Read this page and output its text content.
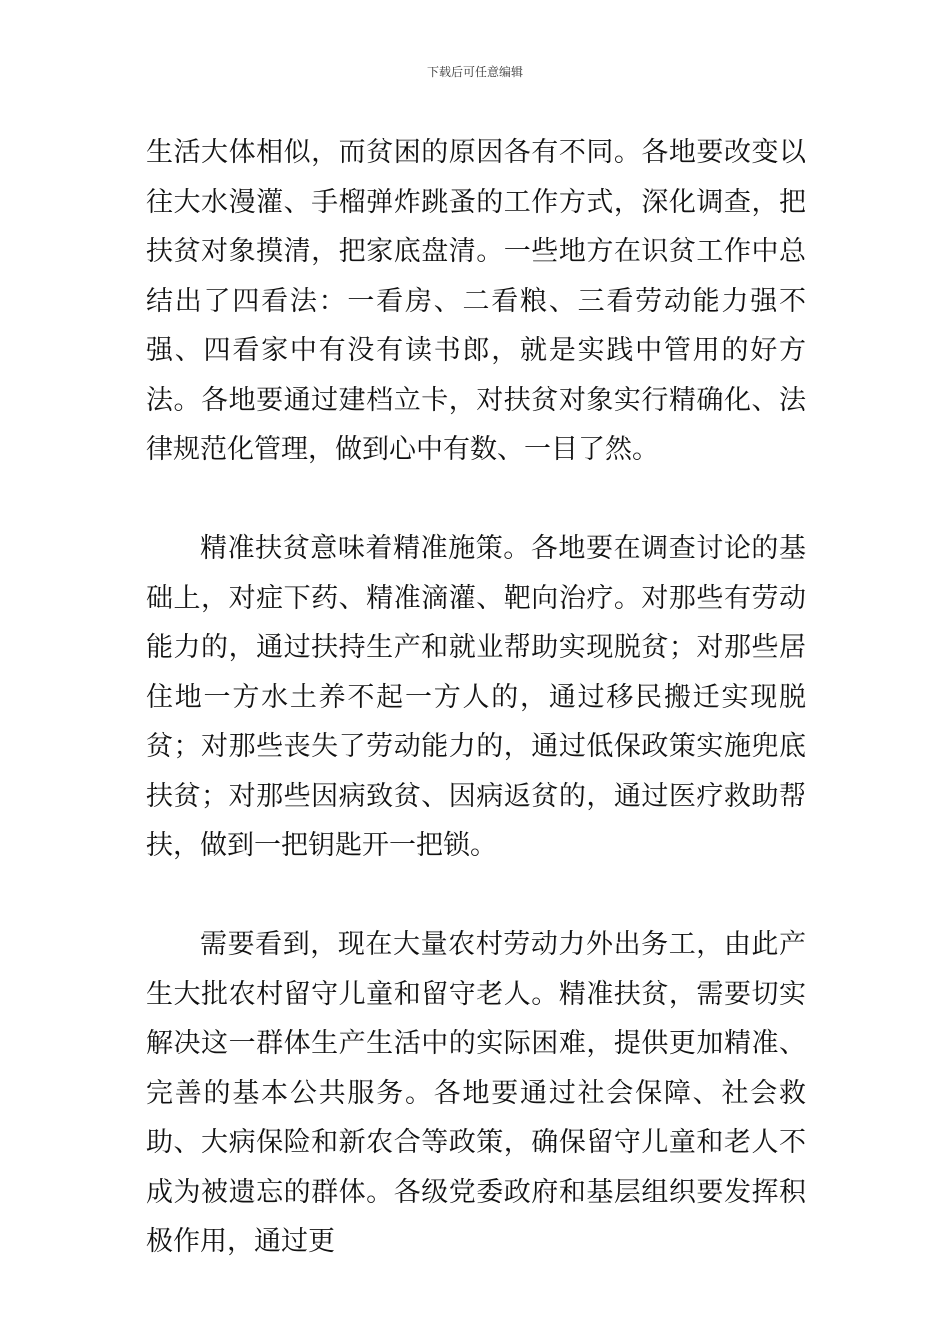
下载后可任意编辑

生活大体相似，而贫困的原因各有不同。各地要改变以往大水漫灌、手榴弹炸跳蚤的工作方式，深化调查，把扶贫对象摸清，把家底盘清。一些地方在识贫工作中总结出了四看法：一看房、二看粮、三看劳动能力强不强、四看家中有没有读书郎，就是实践中管用的好方法。各地要通过建档立卡，对扶贫对象实行精确化、法律规范化管理，做到心中有数、一目了然。

精准扶贫意味着精准施策。各地要在调查讨论的基础上，对症下药、精准滴灌、靶向治疗。对那些有劳动能力的，通过扶持生产和就业帮助实现脱贫；对那些居住地一方水土养不起一方人的，通过移民搬迁实现脱贫；对那些丧失了劳动能力的，通过低保政策实施兜底扶贫；对那些因病致贫、因病返贫的，通过医疗救助帮扶，做到一把钥匙开一把锁。

需要看到，现在大量农村劳动力外出务工，由此产生大批农村留守儿童和留守老人。精准扶贫，需要切实解决这一群体生产生活中的实际困难，提供更加精准、完善的基本公共服务。各地要通过社会保障、社会救助、大病保险和新农合等政策，确保留守儿童和老人不成为被遗忘的群体。各级党委政府和基层组织要发挥积极作用，通过更
